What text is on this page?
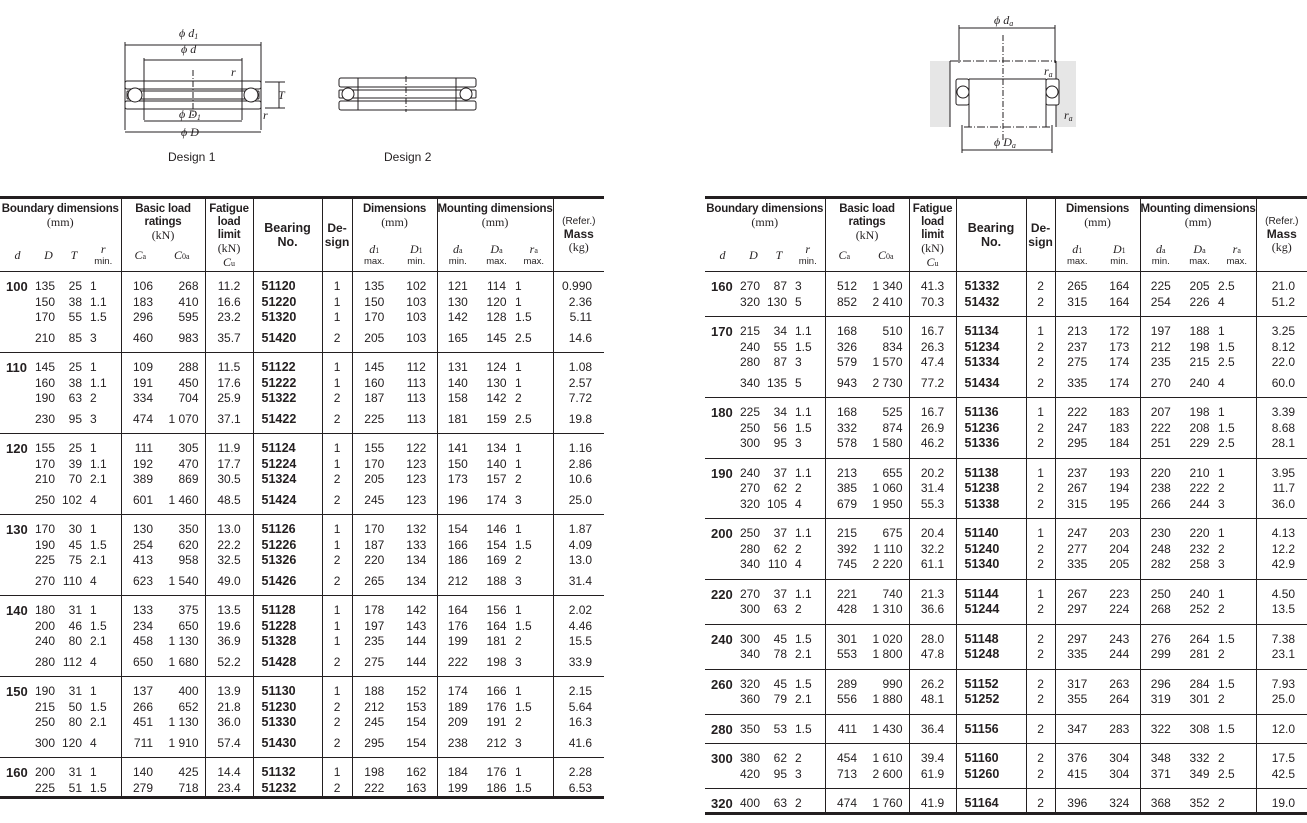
ϕ d1
ϕ d
r
T
r
ϕ D1
ϕ D
Design 1	Design 2
ϕ da
ra
ra
ϕ Da
Boundary dimensions
(mm)

Basic load ratings
(kN)

Fatigue
load limit
(kN)
Cu

Bearing No.

De-
sign

Dimensions
(mm)

Mounting dimensions
(mm)	(Refer.)
Mass
(kg)

d	D	T	r
min.	Ca	C0a				d1
max.	D1
min.	da
min.	Da
max.	ra
max.	

100	135	25	1	106	268	11.2	51120	1	135	102	121	114	1	0.990
	150	38	1.1	183	410	16.6	51220	1	150	103	130	120	1	2.36
	170	55	1.5	296	595	23.2	51320	1	170	103	142	128	1.5	5.11
	210	85	3	460	983	35.7	51420	2	205	103	165	145	2.5	14.6
110	145	25	1	109	288	11.5	51122	1	145	112	131	124	1	1.08
	160	38	1.1	191	450	17.6	51222	1	160	113	140	130	1	2.57
	190	63	2	334	704	25.9	51322	2	187	113	158	142	2	7.72
	230	95	3	474	1 070	37.1	51422	2	225	113	181	159	2.5	19.8
120	155	25	1	111	305	11.9	51124	1	155	122	141	134	1	1.16
	170	39	1.1	192	470	17.7	51224	1	170	123	150	140	1	2.86
	210	70	2.1	389	869	30.5	51324	2	205	123	173	157	2	10.6
	250	102	4	601	1 460	48.5	51424	2	245	123	196	174	3	25.0
130	170	30	1	130	350	13.0	51126	1	170	132	154	146	1	1.87
	190	45	1.5	254	620	22.2	51226	1	187	133	166	154	1.5	4.09
	225	75	2.1	413	958	32.5	51326	2	220	134	186	169	2	13.0
	270	110	4	623	1 540	49.0	51426	2	265	134	212	188	3	31.4
140	180	31	1	133	375	13.5	51128	1	178	142	164	156	1	2.02
	200	46	1.5	234	650	19.6	51228	1	197	143	176	164	1.5	4.46
	240	80	2.1	458	1 130	36.9	51328	1	235	144	199	181	2	15.5
	280	112	4	650	1 680	52.2	51428	2	275	144	222	198	3	33.9
150	190	31	1	137	400	13.9	51130	1	188	152	174	166	1	2.15
	215	50	1.5	266	652	21.8	51230	2	212	153	189	176	1.5	5.64
	250	80	2.1	451	1 130	36.0	51330	2	245	154	209	191	2	16.3
	300	120	4	711	1 910	57.4	51430	2	295	154	238	212	3	41.6
160	200	31	1	140	425	14.4	51132	1	198	162	184	176	1	2.28
	225	51	1.5	279	718	23.4	51232	2	222	163	199	186	1.5	6.53
Boundary dimensions
(mm)

Basic load ratings
(kN)

Fatigue
load limit
(kN)
Cu

Bearing No.

De-
sign

Dimensions
(mm)

Mounting dimensions
(mm)	(Refer.)
Mass
(kg)

d	D	T	r
min.	Ca	C0a				d1
max.	D1
min.	da
min.	Da
max.	ra
max.	

160	270	87	3	512	1 340	41.3	51332	2	265	164	225	205	2.5	21.0
	320	130	5	852	2 410	70.3	51432	2	315	164	254	226	4	51.2
170	215	34	1.1	168	510	16.7	51134	1	213	172	197	188	1	3.25
	240	55	1.5	326	834	26.3	51234	2	237	173	212	198	1.5	8.12
	280	87	3	579	1 570	47.4	51334	2	275	174	235	215	2.5	22.0
	340	135	5	943	2 730	77.2	51434	2	335	174	270	240	4	60.0
180	225	34	1.1	168	525	16.7	51136	1	222	183	207	198	1	3.39
	250	56	1.5	332	874	26.9	51236	2	247	183	222	208	1.5	8.68
	300	95	3	578	1 580	46.2	51336	2	295	184	251	229	2.5	28.1
190	240	37	1.1	213	655	20.2	51138	1	237	193	220	210	1	3.95
	270	62	2	385	1 060	31.4	51238	2	267	194	238	222	2	11.7
	320	105	4	679	1 950	55.3	51338	2	315	195	266	244	3	36.0
200	250	37	1.1	215	675	20.4	51140	1	247	203	230	220	1	4.13
	280	62	2	392	1 110	32.2	51240	2	277	204	248	232	2	12.2
	340	110	4	745	2 220	61.1	51340	2	335	205	282	258	3	42.9
220	270	37	1.1	221	740	21.3	51144	1	267	223	250	240	1	4.50
	300	63	2	428	1 310	36.6	51244	2	297	224	268	252	2	13.5
240	300	45	1.5	301	1 020	28.0	51148	2	297	243	276	264	1.5	7.38
	340	78	2.1	553	1 800	47.8	51248	2	335	244	299	281	2	23.1
260	320	45	1.5	289	990	26.2	51152	2	317	263	296	284	1.5	7.93
	360	79	2.1	556	1 880	48.1	51252	2	355	264	319	301	2	25.0
280	350	53	1.5	411	1 430	36.4	51156	2	347	283	322	308	1.5	12.0
300	380	62	2	454	1 610	39.4	51160	2	376	304	348	332	2	17.5
	420	95	3	713	2 600	61.9	51260	2	415	304	371	349	2.5	42.5
320	400	63	2	474	1 760	41.9	51164	2	396	324	368	352	2	19.0
